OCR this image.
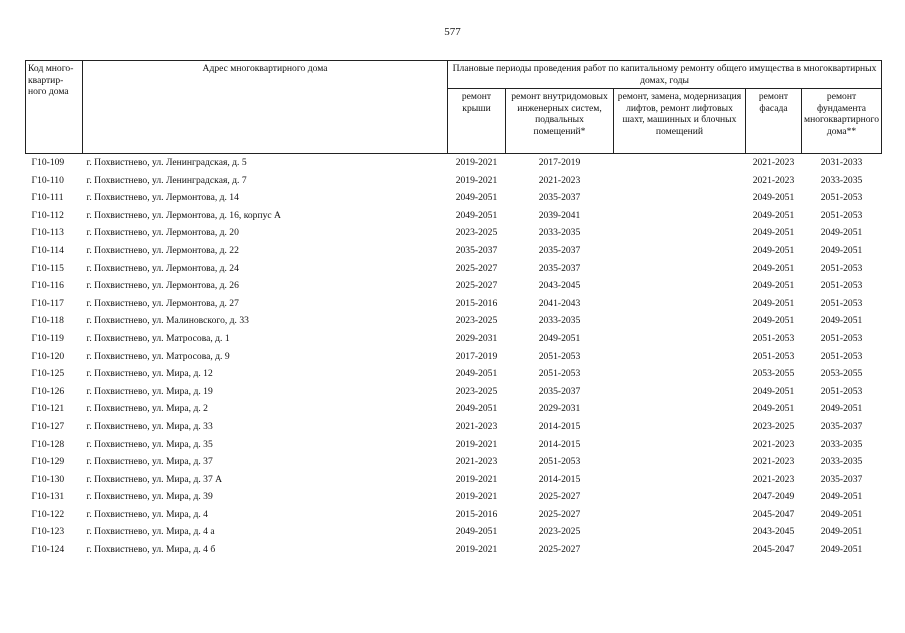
577
Код много-квартир-ного дома	Адрес многоквартирного дома	Плановые периоды проведения работ по капитальному ремонту общего имущества в многоквартирных домах, годы				
		ремонт крыши	ремонт внутридомовых инженерных систем, подвальных помещений*	ремонт, замена, модернизация лифтов, ремонт лифтовых шахт, машинных и блочных помещений	ремонт фасада	ремонт фундамента многоквартирного дома**
Г10-109	г. Похвистнево, ул. Ленинградская, д. 5	2019-2021	2017-2019		2021-2023	2031-2033
Г10-110	г. Похвистнево, ул. Ленинградская, д. 7	2019-2021	2021-2023		2021-2023	2033-2035
Г10-111	г. Похвистнево, ул. Лермонтова, д. 14	2049-2051	2035-2037		2049-2051	2051-2053
Г10-112	г. Похвистнево, ул. Лермонтова, д. 16, корпус А	2049-2051	2039-2041		2049-2051	2051-2053
Г10-113	г. Похвистнево, ул. Лермонтова, д. 20	2023-2025	2033-2035		2049-2051	2049-2051
Г10-114	г. Похвистнево, ул. Лермонтова, д. 22	2035-2037	2035-2037		2049-2051	2049-2051
Г10-115	г. Похвистнево, ул. Лермонтова, д. 24	2025-2027	2035-2037		2049-2051	2051-2053
Г10-116	г. Похвистнево, ул. Лермонтова, д. 26	2025-2027	2043-2045		2049-2051	2051-2053
Г10-117	г. Похвистнево, ул. Лермонтова, д. 27	2015-2016	2041-2043		2049-2051	2051-2053
Г10-118	г. Похвистнево, ул. Малиновского, д. 33	2023-2025	2033-2035		2049-2051	2049-2051
Г10-119	г. Похвистнево, ул. Матросова, д. 1	2029-2031	2049-2051		2051-2053	2051-2053
Г10-120	г. Похвистнево, ул. Матросова, д. 9	2017-2019	2051-2053		2051-2053	2051-2053
Г10-125	г. Похвистнево, ул. Мира, д. 12	2049-2051	2051-2053		2053-2055	2053-2055
Г10-126	г. Похвистнево, ул. Мира, д. 19	2023-2025	2035-2037		2049-2051	2051-2053
Г10-121	г. Похвистнево, ул. Мира, д. 2	2049-2051	2029-2031		2049-2051	2049-2051
Г10-127	г. Похвистнево, ул. Мира, д. 33	2021-2023	2014-2015		2023-2025	2035-2037
Г10-128	г. Похвистнево, ул. Мира, д. 35	2019-2021	2014-2015		2021-2023	2033-2035
Г10-129	г. Похвистнево, ул. Мира, д. 37	2021-2023	2051-2053		2021-2023	2033-2035
Г10-130	г. Похвистнево, ул. Мира, д. 37 А	2019-2021	2014-2015		2021-2023	2035-2037
Г10-131	г. Похвистнево, ул. Мира, д. 39	2019-2021	2025-2027		2047-2049	2049-2051
Г10-122	г. Похвистнево, ул. Мира, д. 4	2015-2016	2025-2027		2045-2047	2049-2051
Г10-123	г. Похвистнево, ул. Мира, д. 4 а	2049-2051	2023-2025		2043-2045	2049-2051
Г10-124	г. Похвистнево, ул. Мира, д. 4 б	2019-2021	2025-2027		2045-2047	2049-2051
